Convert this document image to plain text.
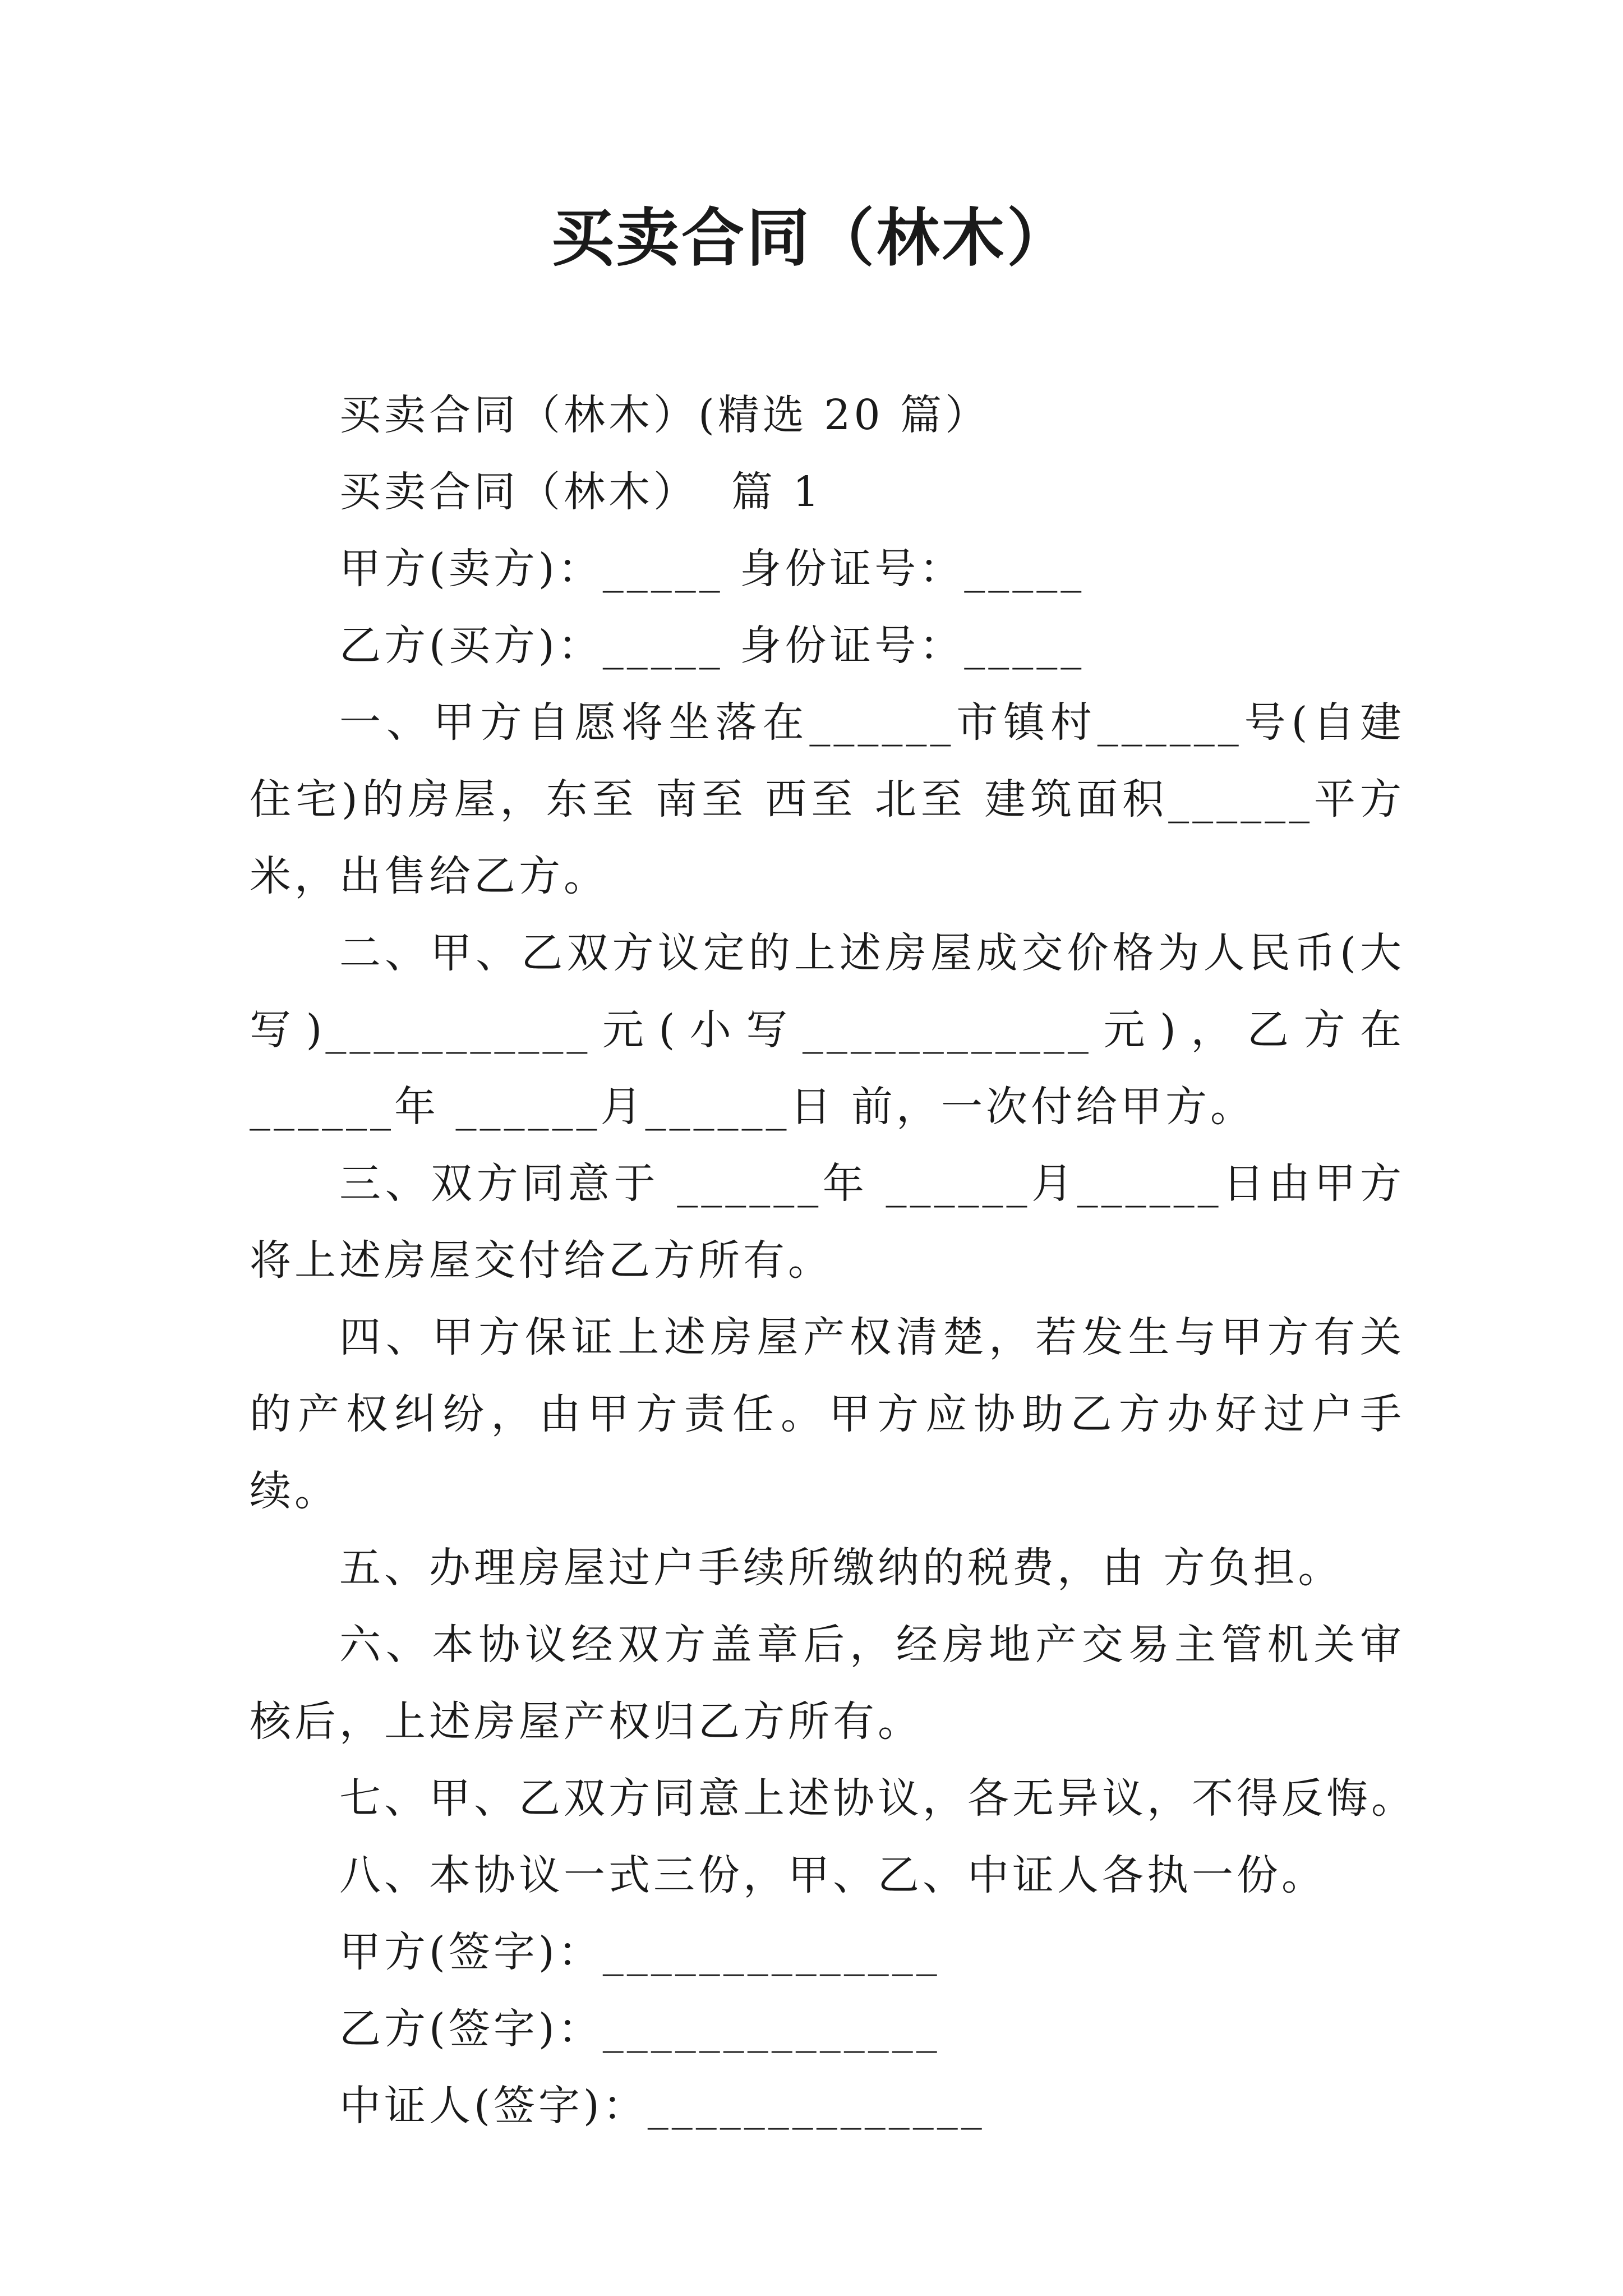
买卖合同（林木）

买卖合同（林木）(精选 20 篇）

买卖合同（林木）  篇 1

甲方(卖方)：_____ 身份证号：_____

乙方(买方)：_____ 身份证号：_____

一、甲方自愿将坐落在______市镇村______号(自建住宅)的房屋，东至 南至 西至 北至 建筑面积______平方米，出售给乙方。

二、甲、乙双方议定的上述房屋成交价格为人民币(大写)___________元(小写____________元)，乙方在 ______年 ______月______日 前，一次付给甲方。

三、双方同意于 ______年 ______月______日由甲方将上述房屋交付给乙方所有。

四、甲方保证上述房屋产权清楚，若发生与甲方有关的产权纠纷，由甲方责任。甲方应协助乙方办好过户手续。

五、办理房屋过户手续所缴纳的税费，由 方负担。

六、本协议经双方盖章后，经房地产交易主管机关审核后，上述房屋产权归乙方所有。

七、甲、乙双方同意上述协议，各无异议，不得反悔。

八、本协议一式三份，甲、乙、中证人各执一份。

甲方(签字)：______________

乙方(签字)：______________

中证人(签字)：______________
